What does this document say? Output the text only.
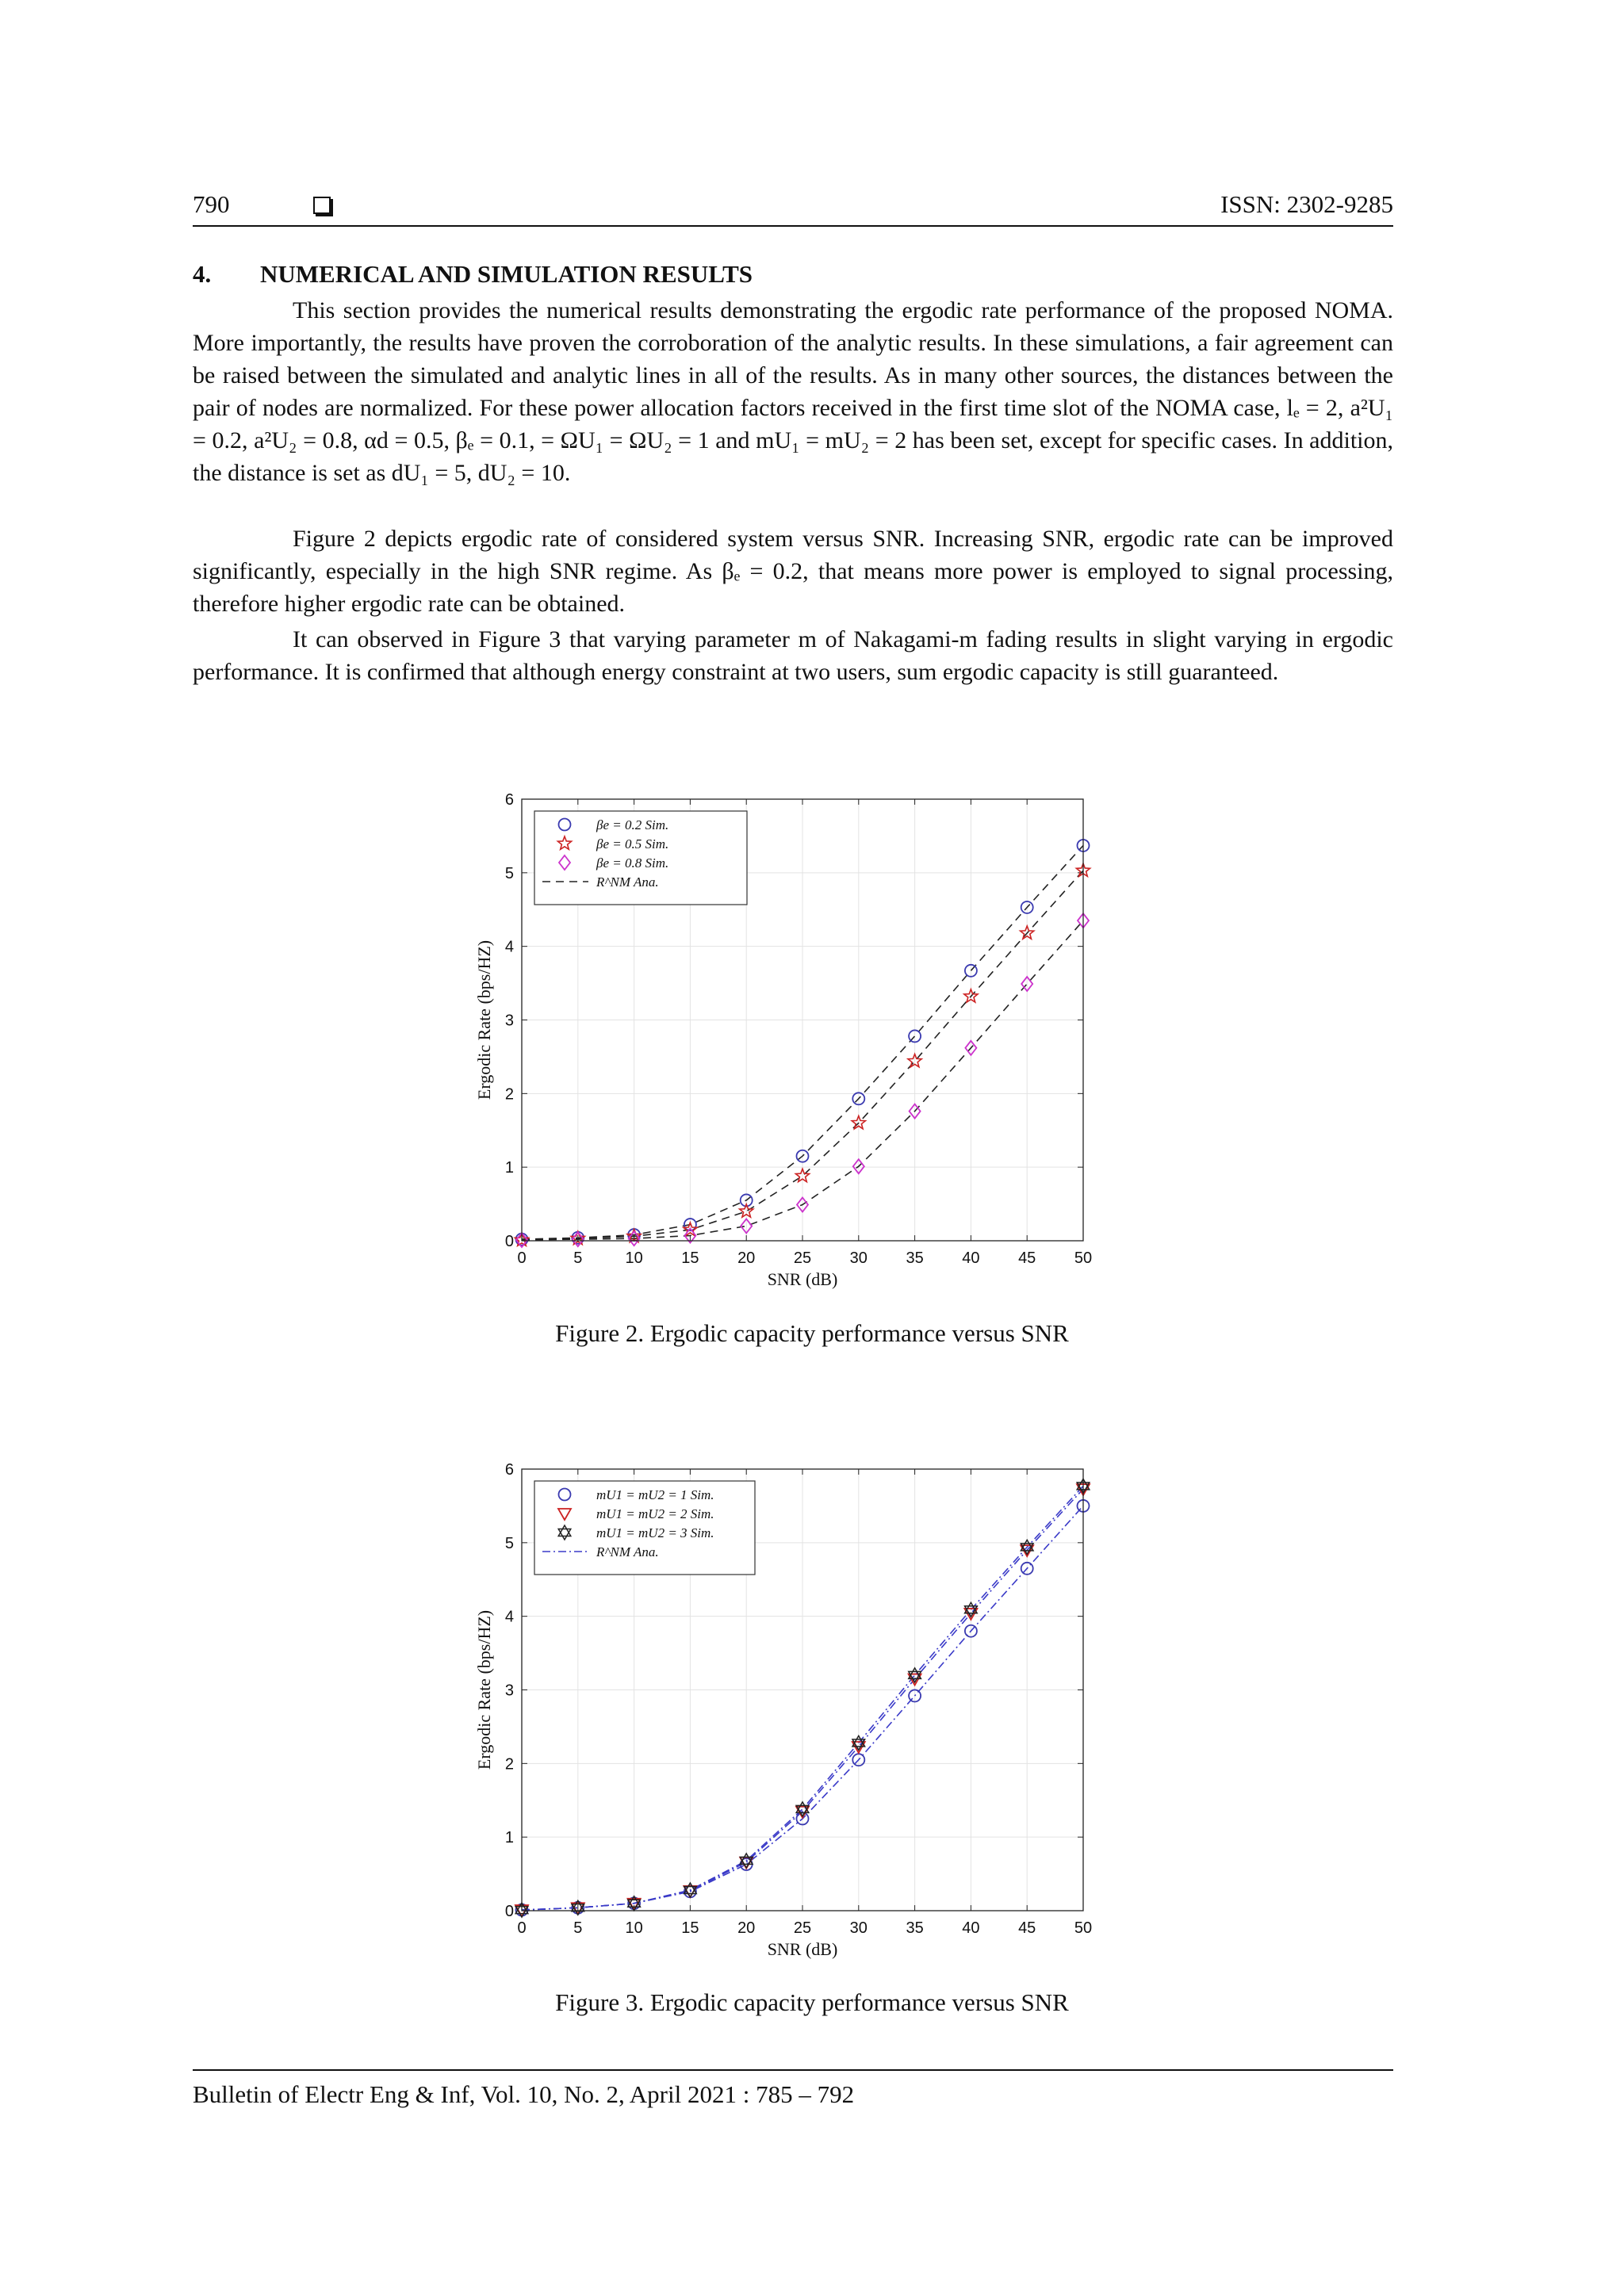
790	ISSN: 2302-9285
4. NUMERICAL AND SIMULATION RESULTS

This section provides the numerical results demonstrating the ergodic rate performance of the proposed NOMA. More importantly, the results have proven the corroboration of the analytic results. In these simulations, a fair agreement can be raised between the simulated and analytic lines in all of the results. As in many other sources, the distances between the pair of nodes are normalized. For these power allocation factors received in the first time slot of the NOMA case, lₑ = 2, a²U₁ = 0.2, a²U₂ = 0.8, αd = 0.5, βₑ = 0.1, = ΩU₁ = ΩU₂ = 1 and mU₁ = mU₂ = 2 has been set, except for specific cases. In addition, the distance is set as dU₁ = 5, dU₂ = 10.

Figure 2 depicts ergodic rate of considered system versus SNR. Increasing SNR, ergodic rate can be improved significantly, especially in the high SNR regime. As βₑ = 0.2, that means more power is employed to signal processing, therefore higher ergodic rate can be obtained.

It can observed in Figure 3 that varying parameter m of Nakagami-m fading results in slight varying in ergodic performance. It is confirmed that although energy constraint at two users, sum ergodic capacity is still guaranteed.

0	5	10 15 20 25 30 35 40 45 50
0
1
2
3
4
5
6
SNR (dB)
Ergodic Rate (bps/HZ)
βe = 0.2 Sim.
βe = 0.5 Sim.
βe = 0.8 Sim.
R^NM Ana.
0	5	10 15 20 25 30 35 40 45 50
0
1
2
3
4
5
6
SNR (dB)
Ergodic Rate (bps/HZ)
mU1 = mU2 = 1 Sim.
mU1 = mU2 = 2 Sim.
mU1 = mU2 = 3 Sim.
R^NM Ana.
Figure 2. Ergodic capacity performance versus SNR
Figure 3. Ergodic capacity performance versus SNR
Bulletin of Electr Eng & Inf, Vol. 10, No. 2, April 2021 : 785 – 792
